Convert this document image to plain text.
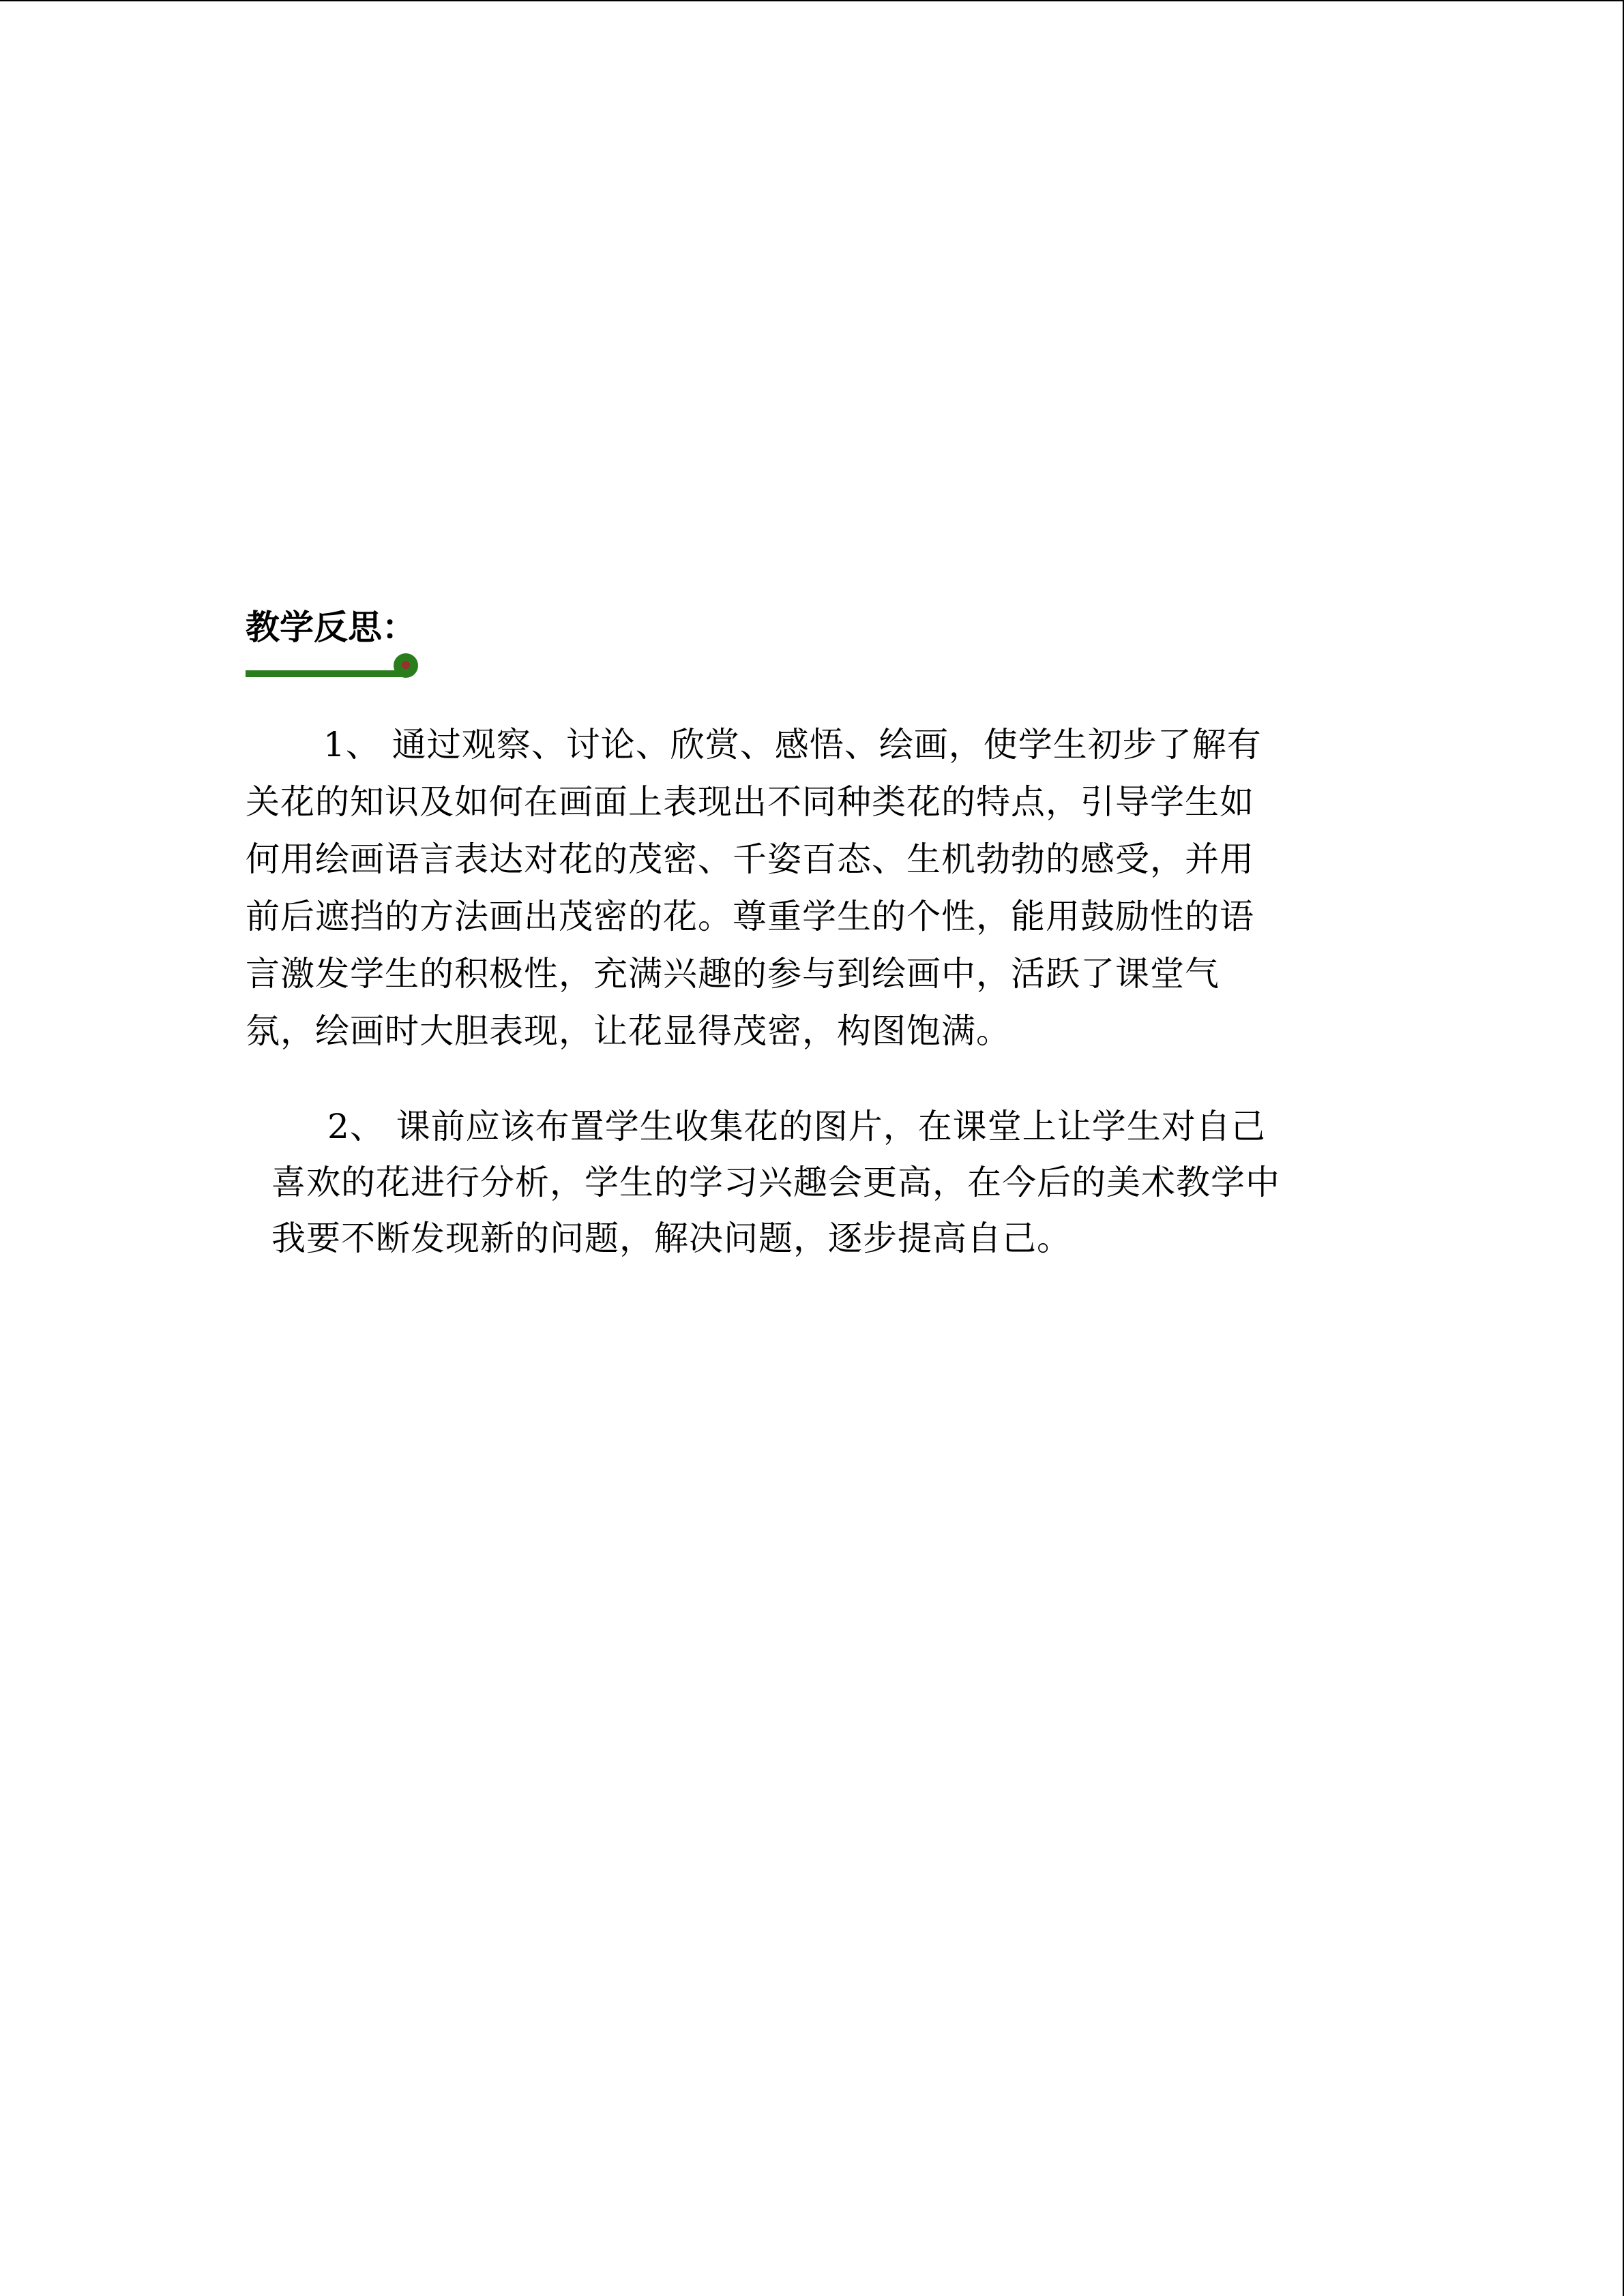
教学反思：
1、 通过观察、讨论、欣赏、感悟、绘画，使学生初步了解有
关花的知识及如何在画面上表现出不同种类花的特点，引导学生如
何用绘画语言表达对花的茂密、千姿百态、生机勃勃的感受，并用
前后遮挡的方法画出茂密的花。尊重学生的个性，能用鼓励性的语
言激发学生的积极性，充满兴趣的参与到绘画中，活跃了课堂气
氛，绘画时大胆表现，让花显得茂密，构图饱满。
2、 课前应该布置学生收集花的图片，在课堂上让学生对自己
喜欢的花进行分析，学生的学习兴趣会更高，在今后的美术教学中
我要不断发现新的问题，解决问题，逐步提高自己。
